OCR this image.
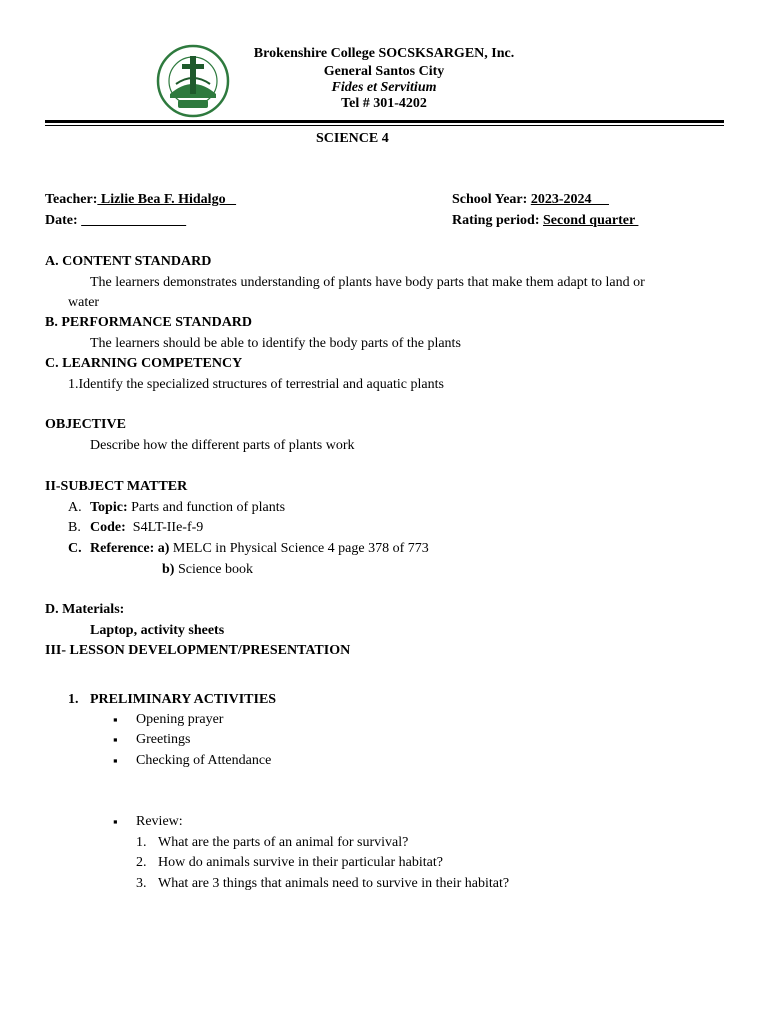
Brokenshire College SOCSKSARGEN, Inc.
General Santos City
Fides et Servitium
Tel # 301-4202
SCIENCE 4
Teacher: Lizlie Bea F. Hidalgo
Date:
School Year: 2023-2024
Rating period: Second quarter
A. CONTENT STANDARD
The learners demonstrates understanding of plants have body parts that make them adapt to land or
water
B. PERFORMANCE STANDARD
The learners should be able to identify the body parts of the plants
C. LEARNING COMPETENCY
1.Identify the specialized structures of terrestrial and aquatic plants
OBJECTIVE
Describe how the different parts of plants work
II-SUBJECT MATTER
A. Topic: Parts and function of plants
B. Code:  S4LT-IIe-f-9
C. Reference: a) MELC in Physical Science 4 page 378 of 773
b) Science book
D. Materials:
Laptop, activity sheets
III- LESSON DEVELOPMENT/PRESENTATION
1. PRELIMINARY ACTIVITIES
▪ Opening prayer
▪ Greetings
▪ Checking of Attendance
▪ Review:
1. What are the parts of an animal for survival?
2. How do animals survive in their particular habitat?
3. What are 3 things that animals need to survive in their habitat?
